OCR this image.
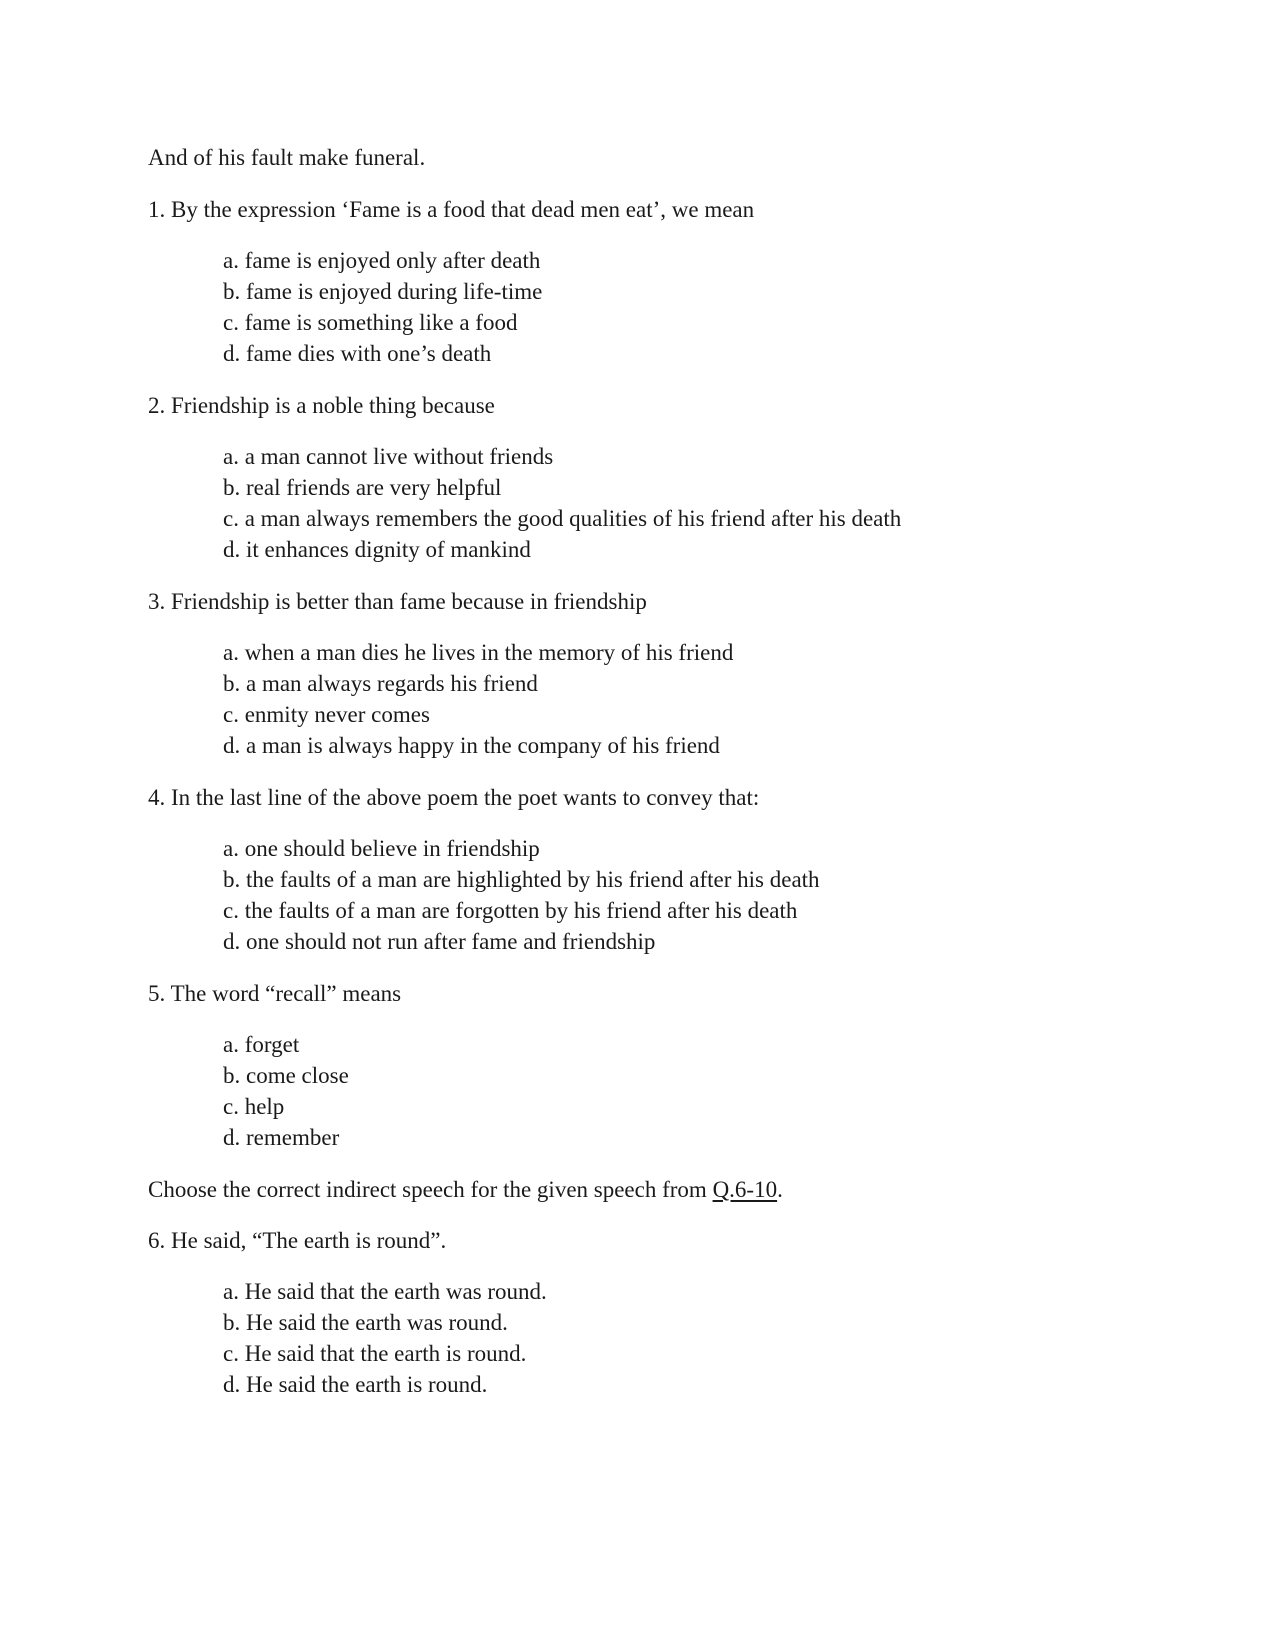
And of his fault make funeral.
1. By the expression ‘Fame is a food that dead men eat’, we mean
a. fame is enjoyed only after death
b. fame is enjoyed during life-time
c. fame is something like a food
d. fame dies with one’s death
2. Friendship is a noble thing because
a. a man cannot live without friends
b. real friends are very helpful
c. a man always remembers the good qualities of his friend after his death
d. it enhances dignity of mankind
3. Friendship is better than fame because in friendship
a. when a man dies he lives in the memory of his friend
b. a man always regards his friend
c. enmity never comes
d. a man is always happy in the company of his friend
4. In the last line of the above poem the poet wants to convey that:
a. one should believe in friendship
b. the faults of a man are highlighted by his friend after his death
c. the faults of a man are forgotten by his friend after his death
d. one should not run after fame and friendship
5. The word “recall” means
a. forget
b. come close
c. help
d. remember
Choose the correct indirect speech for the given speech from Q.6-10.
6. He said, “The earth is round”.
a. He said that the earth was round.
b. He said the earth was round.
c. He said that the earth is round.
d. He said the earth is round.
